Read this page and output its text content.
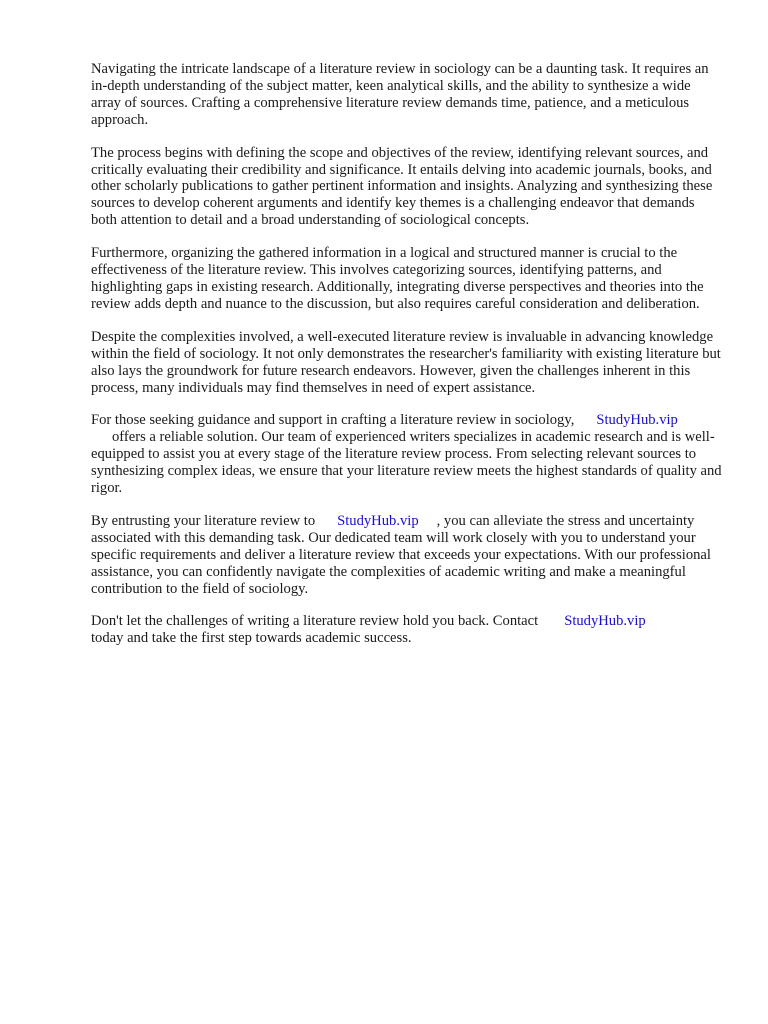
Navigating the intricate landscape of a literature review in sociology can be a daunting task. It requires an in-depth understanding of the subject matter, keen analytical skills, and the ability to synthesize a wide array of sources. Crafting a comprehensive literature review demands time, patience, and a meticulous approach.

The process begins with defining the scope and objectives of the review, identifying relevant sources, and critically evaluating their credibility and significance. It entails delving into academic journals, books, and other scholarly publications to gather pertinent information and insights. Analyzing and synthesizing these sources to develop coherent arguments and identify key themes is a challenging endeavor that demands both attention to detail and a broad understanding of sociological concepts.

Furthermore, organizing the gathered information in a logical and structured manner is crucial to the effectiveness of the literature review. This involves categorizing sources, identifying patterns, and highlighting gaps in existing research. Additionally, integrating diverse perspectives and theories into the review adds depth and nuance to the discussion, but also requires careful consideration and deliberation.

Despite the complexities involved, a well-executed literature review is invaluable in advancing knowledge within the field of sociology. It not only demonstrates the researcher's familiarity with existing literature but also lays the groundwork for future research endeavors. However, given the challenges inherent in this process, many individuals may find themselves in need of expert assistance.

For those seeking guidance and support in crafting a literature review in sociology, StudyHub.vip
offers a reliable solution. Our team of experienced writers specializes in academic research and is well-equipped to assist you at every stage of the literature review process. From selecting relevant sources to synthesizing complex ideas, we ensure that your literature review meets the highest standards of quality and rigor.

By entrusting your literature review to StudyHub.vip , you can alleviate the stress and uncertainty associated with this demanding task. Our dedicated team will work closely with you to understand your specific requirements and deliver a literature review that exceeds your expectations. With our professional assistance, you can confidently navigate the complexities of academic writing and make a meaningful contribution to the field of sociology.

Don't let the challenges of writing a literature review hold you back. Contact StudyHub.vip
today and take the first step towards academic success.
